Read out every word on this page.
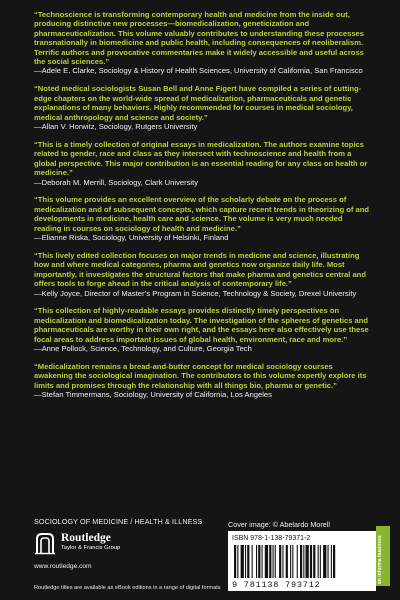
“Technoscience is transforming contemporary health and medicine from the inside out, producing distinctive new processes—biomedicalization, geneticization and pharmaceuticalization. This volume valuably contributes to understanding these processes transnationally in biomedicine and public health, including consequences of neoliberalism. Terrific authors and provocative commentaries make it widely accessible and useful across the social sciences.”

—Adele E. Clarke, Sociology & History of Health Sciences, University of California, San Francisco

“Noted medical sociologists Susan Bell and Anne Figert have compiled a series of cutting-edge chapters on the world-wide spread of medicalization, pharmaceuticals and genetic explanations of many behaviors. Highly recommended for courses in medical sociology, medical anthropology and science and society.”

—Allan V. Horwitz, Sociology, Rutgers University

“This is a timely collection of original essays in medicalization. The authors examine topics related to gender, race and class as they intersect with technoscience and health from a global perspective. This major contribution is an essential reading for any class on health or medicine.”

—Deborah M. Merrill, Sociology, Clark University

“This volume provides an excellent overview of the scholarly debate on the process of medicalization and of subsequent concepts, which capture recent trends in theorizing of and developments in medicine, health care and science. The volume is very much needed reading in courses on sociology of health and medicine.”

—Elianne Riska, Sociology, University of Helsinki, Finland

“This lively edited collection focuses on major trends in medicine and science, illustrating how and where medical categories, pharma and genetics now organize daily life. Most importantly, it investigates the structural factors that make pharma and genetics central and offers tools to forge ahead in the critical analysis of contemporary life.”

—Kelly Joyce, Director of Master’s Program in Science, Technology & Society, Drexel University

“This collection of highly-readable essays provides distinctly timely perspectives on medicalization and biomedicalization today. The investigation of the spheres of genetics and pharmaceuticals are worthy in their own right, and the essays here also effectively use these focal areas to address important issues of global health, environment, race and more.”

—Anne Pollock, Science, Technology, and Culture, Georgia Tech

“Medicalization remains a bread-and-butter concept for medical sociology courses awakening the sociological imagination. The contributors to this volume expertly explore its limits and promises through the relationship with all things bio, pharma or genetic.”

—Stefan Timmermans, Sociology, University of California, Los Angeles

SOCIOLOGY OF MEDICINE / HEALTH & ILLNESS	Cover image: © Abelardo Morell
Routledge
Taylor & Francis Group
www.routledge.com
Routledge titles are available as eBook editions in a range of digital formats
ISBN 978-1-138-79371-2
9 781138 793712
an informa business
